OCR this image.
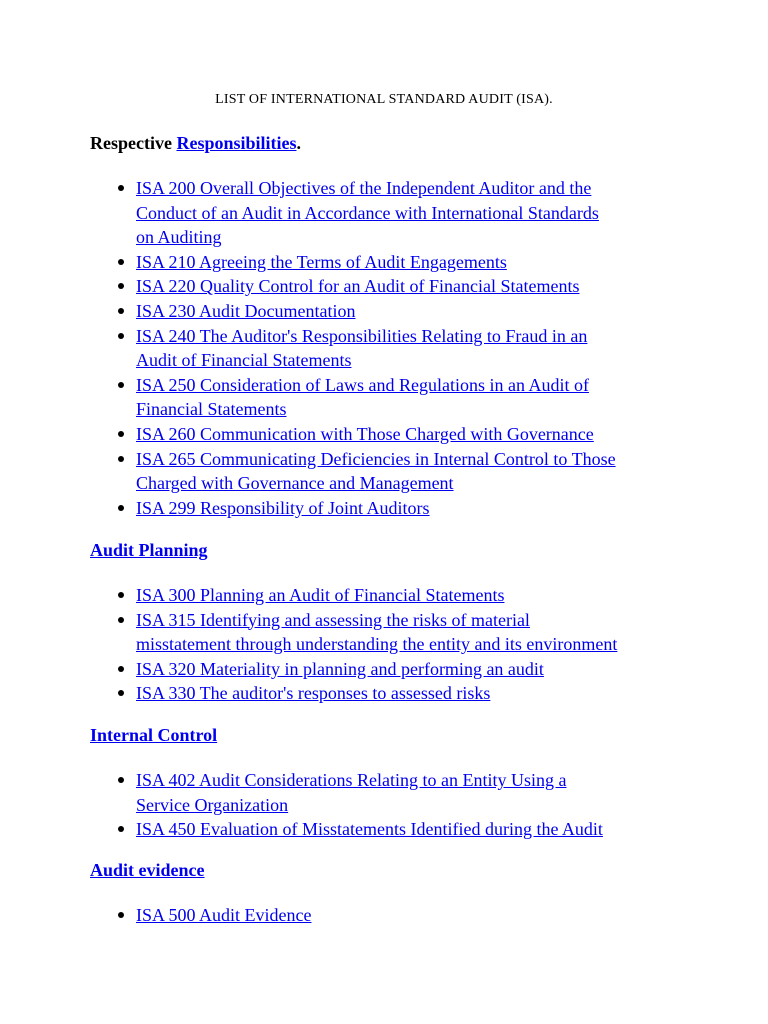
LIST OF INTERNATIONAL STANDARD AUDIT (ISA).
Respective Responsibilities.
ISA 200 Overall Objectives of the Independent Auditor and the
Conduct of an Audit in Accordance with International Standards
on Auditing
ISA 210 Agreeing the Terms of Audit Engagements
ISA 220 Quality Control for an Audit of Financial Statements
ISA 230 Audit Documentation
ISA 240 The Auditor's Responsibilities Relating to Fraud in an
Audit of Financial Statements
ISA 250 Consideration of Laws and Regulations in an Audit of
Financial Statements
ISA 260 Communication with Those Charged with Governance
ISA 265 Communicating Deficiencies in Internal Control to Those
Charged with Governance and Management
ISA 299 Responsibility of Joint Auditors
Audit Planning
ISA 300 Planning an Audit of Financial Statements
ISA 315 Identifying and assessing the risks of material
misstatement through understanding the entity and its environment
ISA 320 Materiality in planning and performing an audit
ISA 330 The auditor's responses to assessed risks
Internal Control
ISA 402 Audit Considerations Relating to an Entity Using a
Service Organization
ISA 450 Evaluation of Misstatements Identified during the Audit
Audit evidence
ISA 500 Audit Evidence
